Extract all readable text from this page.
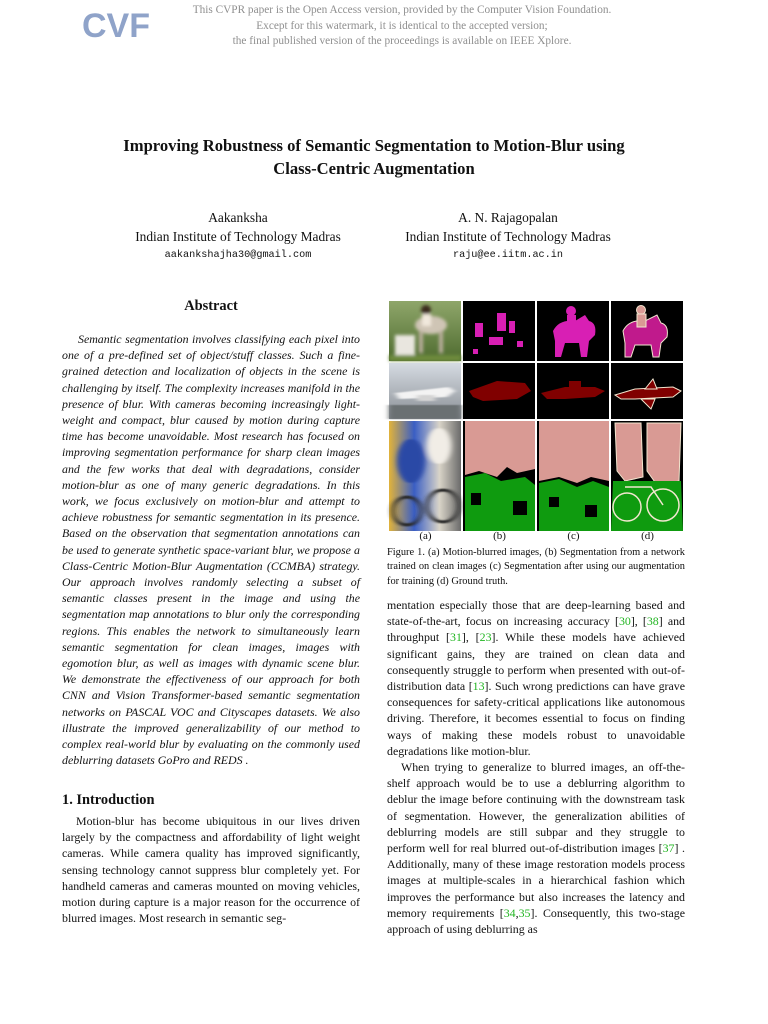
CVF	This CVPR paper is the Open Access version, provided by the Computer Vision Foundation.
Except for this watermark, it is identical to the accepted version;
the final published version of the proceedings is available on IEEE Xplore.
Improving Robustness of Semantic Segmentation to Motion-Blur using
Class-Centric Augmentation
Aakanksha
Indian Institute of Technology Madras
aakankshajha30@gmail.com
A. N. Rajagopalan
Indian Institute of Technology Madras
raju@ee.iitm.ac.in
Abstract
Semantic segmentation involves classifying each pixel into one of a pre-defined set of object/stuff classes. Such a fine-grained detection and localization of objects in the scene is challenging by itself. The complexity increases manifold in the presence of blur. With cameras becoming increasingly light-weight and compact, blur caused by motion during capture time has become unavoidable. Most research has focused on improving segmentation performance for sharp clean images and the few works that deal with degradations, consider motion-blur as one of many generic degradations. In this work, we focus exclusively on motion-blur and attempt to achieve robustness for semantic segmentation in its presence. Based on the observation that segmentation annotations can be used to generate synthetic space-variant blur, we propose a Class-Centric Motion-Blur Augmentation (CCMBA) strategy. Our approach involves randomly selecting a subset of semantic classes present in the image and using the segmentation map annotations to blur only the corresponding regions. This enables the network to simultaneously learn semantic segmentation for clean images, images with egomotion blur, as well as images with dynamic scene blur. We demonstrate the effectiveness of our approach for both CNN and Vision Transformer-based semantic segmentation networks on PASCAL VOC and Cityscapes datasets. We also illustrate the improved generalizability of our method to complex real-world blur by evaluating on the commonly used deblurring datasets GoPro and REDS .
1. Introduction
Motion-blur has become ubiquitous in our lives driven largely by the compactness and affordability of light weight cameras. While camera quality has improved significantly, sensing technology cannot suppress blur completely yet. For handheld cameras and cameras mounted on moving vehicles, motion during capture is a major reason for the occurrence of blurred images. Most research in semantic seg-
(a)	(b)	(c)	(d)
Figure 1. (a) Motion-blurred images, (b) Segmentation from a network trained on clean images (c) Segmentation after using our augmentation for training (d) Ground truth.

mentation especially those that are deep-learning based and state-of-the-art, focus on increasing accuracy [30], [38] and throughput [31], [23]. While these models have achieved significant gains, they are trained on clean data and consequently struggle to perform when presented with out-of-distribution data [13]. Such wrong predictions can have grave consequences for safety-critical applications like autonomous driving. Therefore, it becomes essential to focus on finding ways of making these models robust to unavoidable degradations like motion-blur.

When trying to generalize to blurred images, an off-the-shelf approach would be to use a deblurring algorithm to deblur the image before continuing with the downstream task of segmentation. However, the generalization abilities of deblurring models are still subpar and they struggle to perform well for real blurred out-of-distribution images [37] . Additionally, many of these image restoration models process images at multiple-scales in a hierarchical fashion which improves the performance but also increases the latency and memory requirements [34,35]. Consequently, this two-stage approach of using deblurring as
